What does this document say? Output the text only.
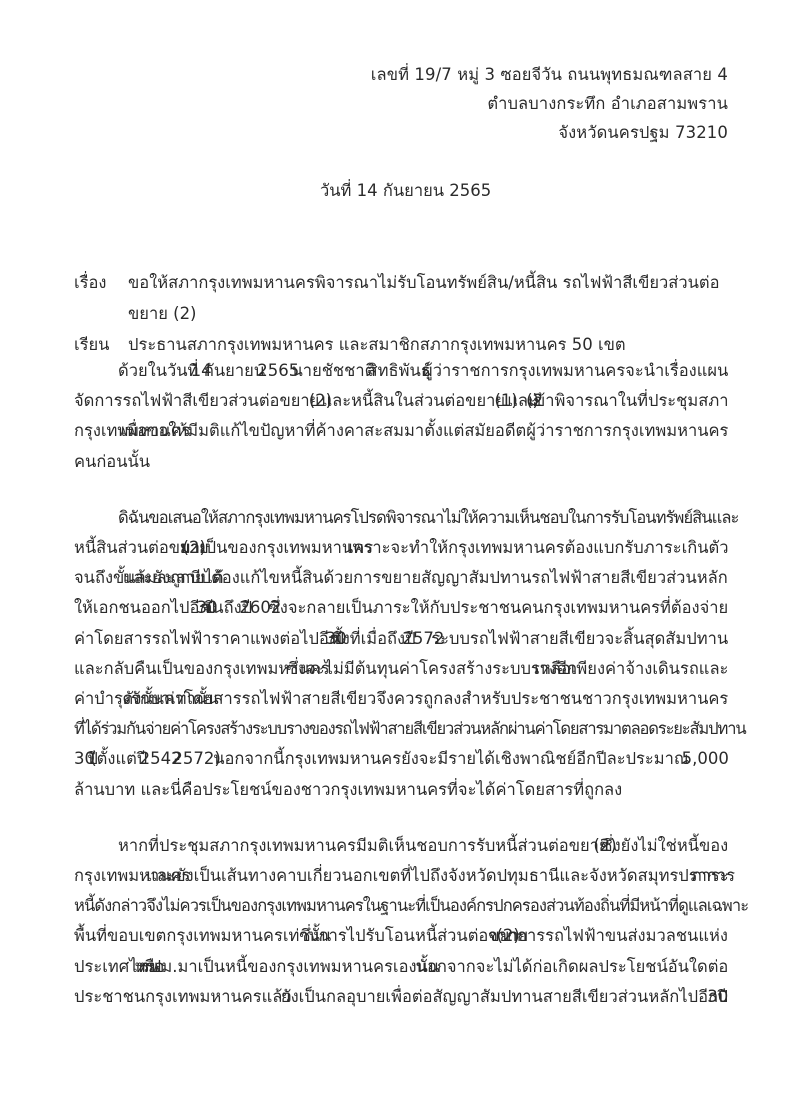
เลขที่ 19/7 หมู่ 3 ซอยจีวัน ถนนพุทธมณฑลสาย 4
ตำบลบางกระทึก อำเภอสามพราน
จังหวัดนครปฐม 73210
วันที่ 14 กันยายน 2565
เรื่อง	ขอให้สภากรุงเทพมหานครพิจารณาไม่รับโอนทรัพย์สิน/หนี้สิน รถไฟฟ้าสีเขียวส่วนต่อขยาย (2)
เรียน	ประธานสภากรุงเทพมหานคร และสมาชิกสภากรุงเทพมหานคร 50 เขต

ด้วยในวันที่ 14 กันยายน 2565 นายชัชชาติ สิทธิพันธุ์ ผู้ว่าราชการกรุงเทพมหานครจะนำเรื่องแผน
จัดการรถไฟฟ้าสีเขียวส่วนต่อขยาย (2) และหนี้สินในส่วนต่อขยาย (1) และ (2 ) เข้าพิจารณาในที่ประชุมสภา
กรุงเทพมหานคร เพื่อขอให้มีมติแก้ไขปัญหาที่ค้างคาสะสมมาตั้งแต่สมัยอดีตผู้ว่าราชการกรุงเทพมหานคร
คนก่อนนั้น

ดิฉันขอเสนอให้สภากรุงเทพมหานครโปรดพิจารณาไม่ให้ความเห็นชอบในการรับโอนทรัพย์สินและ
หนี้สินส่วนต่อขยาย (2) มาเป็นของกรุงเทพมหานคร เพราะจะทำให้กรุงเทพมหานครต้องแบกรับภาระเกินตัว
จนถึงขั้นล้มละลายได้ และยังถูกบีบต้องแก้ไขหนี้สินด้วยการขยายสัญญาสัมปทานรถไฟฟ้าสายสีเขียวส่วนหลัก
ให้เอกชนออกไปอีก 30 ปี จนถึงปี 2602 ซึ่งจะกลายเป็นภาระให้กับประชาชนคนกรุงเทพมหานครที่ต้องจ่าย
ค่าโดยสารรถไฟฟ้าราคาแพงต่อไปอีก 30 ปี ทั้งที่เมื่อถึงปี 2572 ระบบรถไฟฟ้าสายสีเขียวจะสิ้นสุดสัมปทาน
และกลับคืนเป็นของกรุงเทพมหานคร ซึ่งจะไม่มีต้นทุนค่าโครงสร้างระบบรางอีก เหลือเพียงค่าจ้างเดินรถและ
ค่าบำรุงรักษาเท่านั้น ดังนั้นค่าโดยสารรถไฟฟ้าสายสีเขียวจึงควรถูกลงสำหรับประชาชนชาวกรุงเทพมหานคร
ที่ได้ร่วมกันจ่ายค่าโครงสร้างระบบรางของรถไฟฟ้าสายสีเขียวส่วนหลักผ่านค่าโดยสารมาตลอดระยะสัมปทาน
30 ปี (ตั้งแต่ปี 2542 - 2572) นอกจากนี้กรุงเทพมหานครยังจะมีรายได้เชิงพาณิชย์อีกปีละประมาณ 5,000
ล้านบาท และนี่คือประโยชน์ของชาวกรุงเทพมหานครที่จะได้ค่าโดยสารที่ถูกลง

หากที่ประชุมสภากรุงเทพมหานครมีมติเห็นชอบการรับหนี้ส่วนต่อขยาย (2) ซึ่งยังไม่ใช่หนี้ของ
กรุงเทพมหานคร และยังเป็นเส้นทางคาบเกี่ยวนอกเขตที่ไปถึงจังหวัดปทุมธานีและจังหวัดสมุทรปราการ ภาระ
หนี้ดังกล่าวจึงไม่ควรเป็นของกรุงเทพมหานครในฐานะที่เป็นองค์กรปกครองส่วนท้องถิ่นที่มีหน้าที่ดูแลเฉพาะ
พื้นที่ขอบเขตกรุงเทพมหานครเท่านั้น ซึ่งการไปรับโอนหนี้ส่วนต่อขยาย (2) จากการรถไฟฟ้าขนส่งมวลชนแห่ง
ประเทศไทย หรือ รฟม.มาเป็นหนี้ของกรุงเทพมหานครเองนั้น นอกจากจะไม่ได้ก่อเกิดผลประโยชน์อันใดต่อ
ประชาชนกรุงเทพมหานครแล้ว ยังเป็นกลอุบายเพื่อต่อสัญญาสัมปทานสายสีเขียวส่วนหลักไปอีก 30 ปี
